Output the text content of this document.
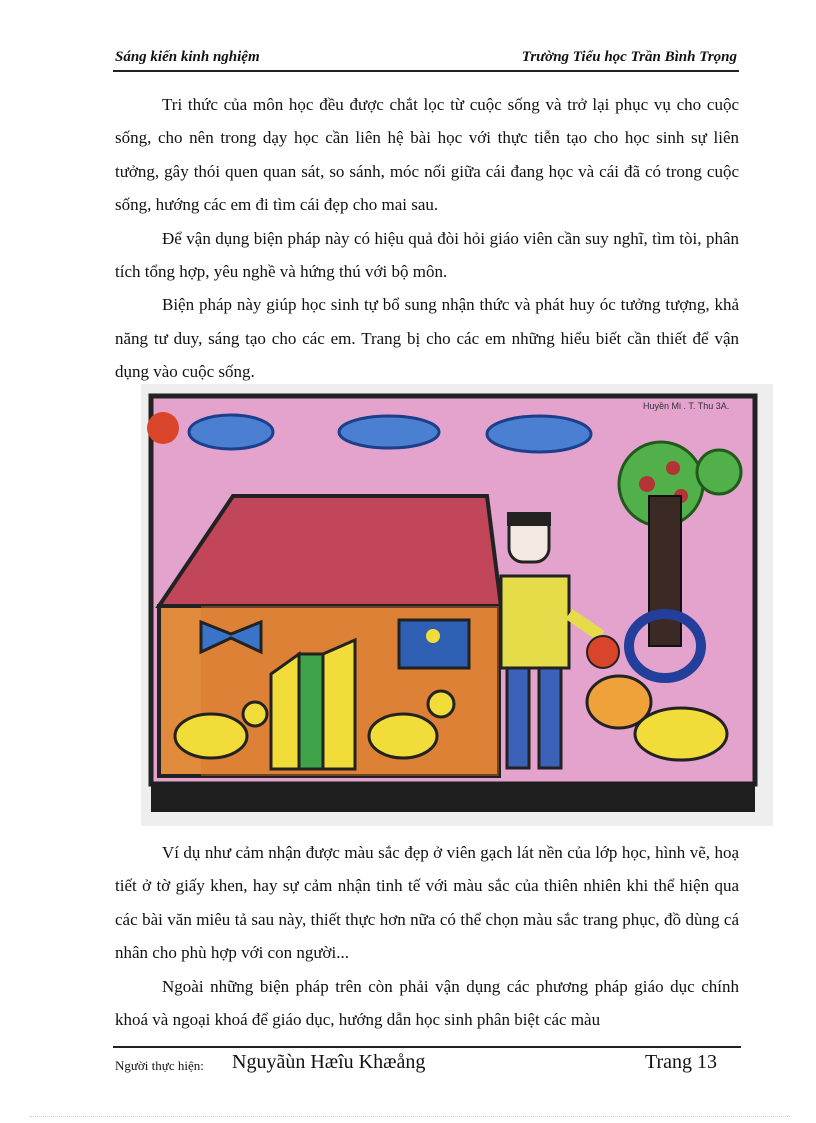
Sáng kiến kinh nghiệm	Trường Tiểu học Trần Bình Trọng

Tri thức của môn học đều được chắt lọc từ cuộc sống và trở lại phục vụ cho cuộc sống, cho nên trong dạy học cần liên hệ bài học với thực tiễn tạo cho học sinh sự liên tưởng, gây thói quen quan sát, so sánh, móc nối giữa cái đang học và cái đã có trong cuộc sống, hướng các em đi tìm cái đẹp cho mai sau.

Để vận dụng biện pháp này có hiệu quả đòi hỏi giáo viên cần suy nghĩ, tìm tòi, phân tích tổng hợp, yêu nghề và hứng thú với bộ môn.

Biện pháp này giúp học sinh tự bổ sung nhận thức và phát huy óc tưởng tượng, khả năng tư duy, sáng tạo cho các em. Trang bị cho các em những hiểu biết cần thiết để vận dụng vào cuộc sống.

Huyền Mi . T. Thu 3A.

Ví dụ như cảm nhận được màu sắc đẹp ở viên gạch lát nền của lớp học, hình vẽ, hoạ tiết ở tờ giấy khen, hay sự cảm nhận tinh tế với màu sắc của thiên nhiên khi thể hiện qua các bài văn miêu tả sau này, thiết thực hơn nữa có thể chọn màu sắc trang phục, đồ dùng cá nhân cho phù hợp với con người...

Ngoài những biện pháp trên còn phải vận dụng các phương pháp giáo dục chính khoá và ngoại khoá để giáo dục, hướng dẫn học sinh phân biệt các màu

Người thực hiện: Nguyãùn Hæîu Khæång	Trang 13
